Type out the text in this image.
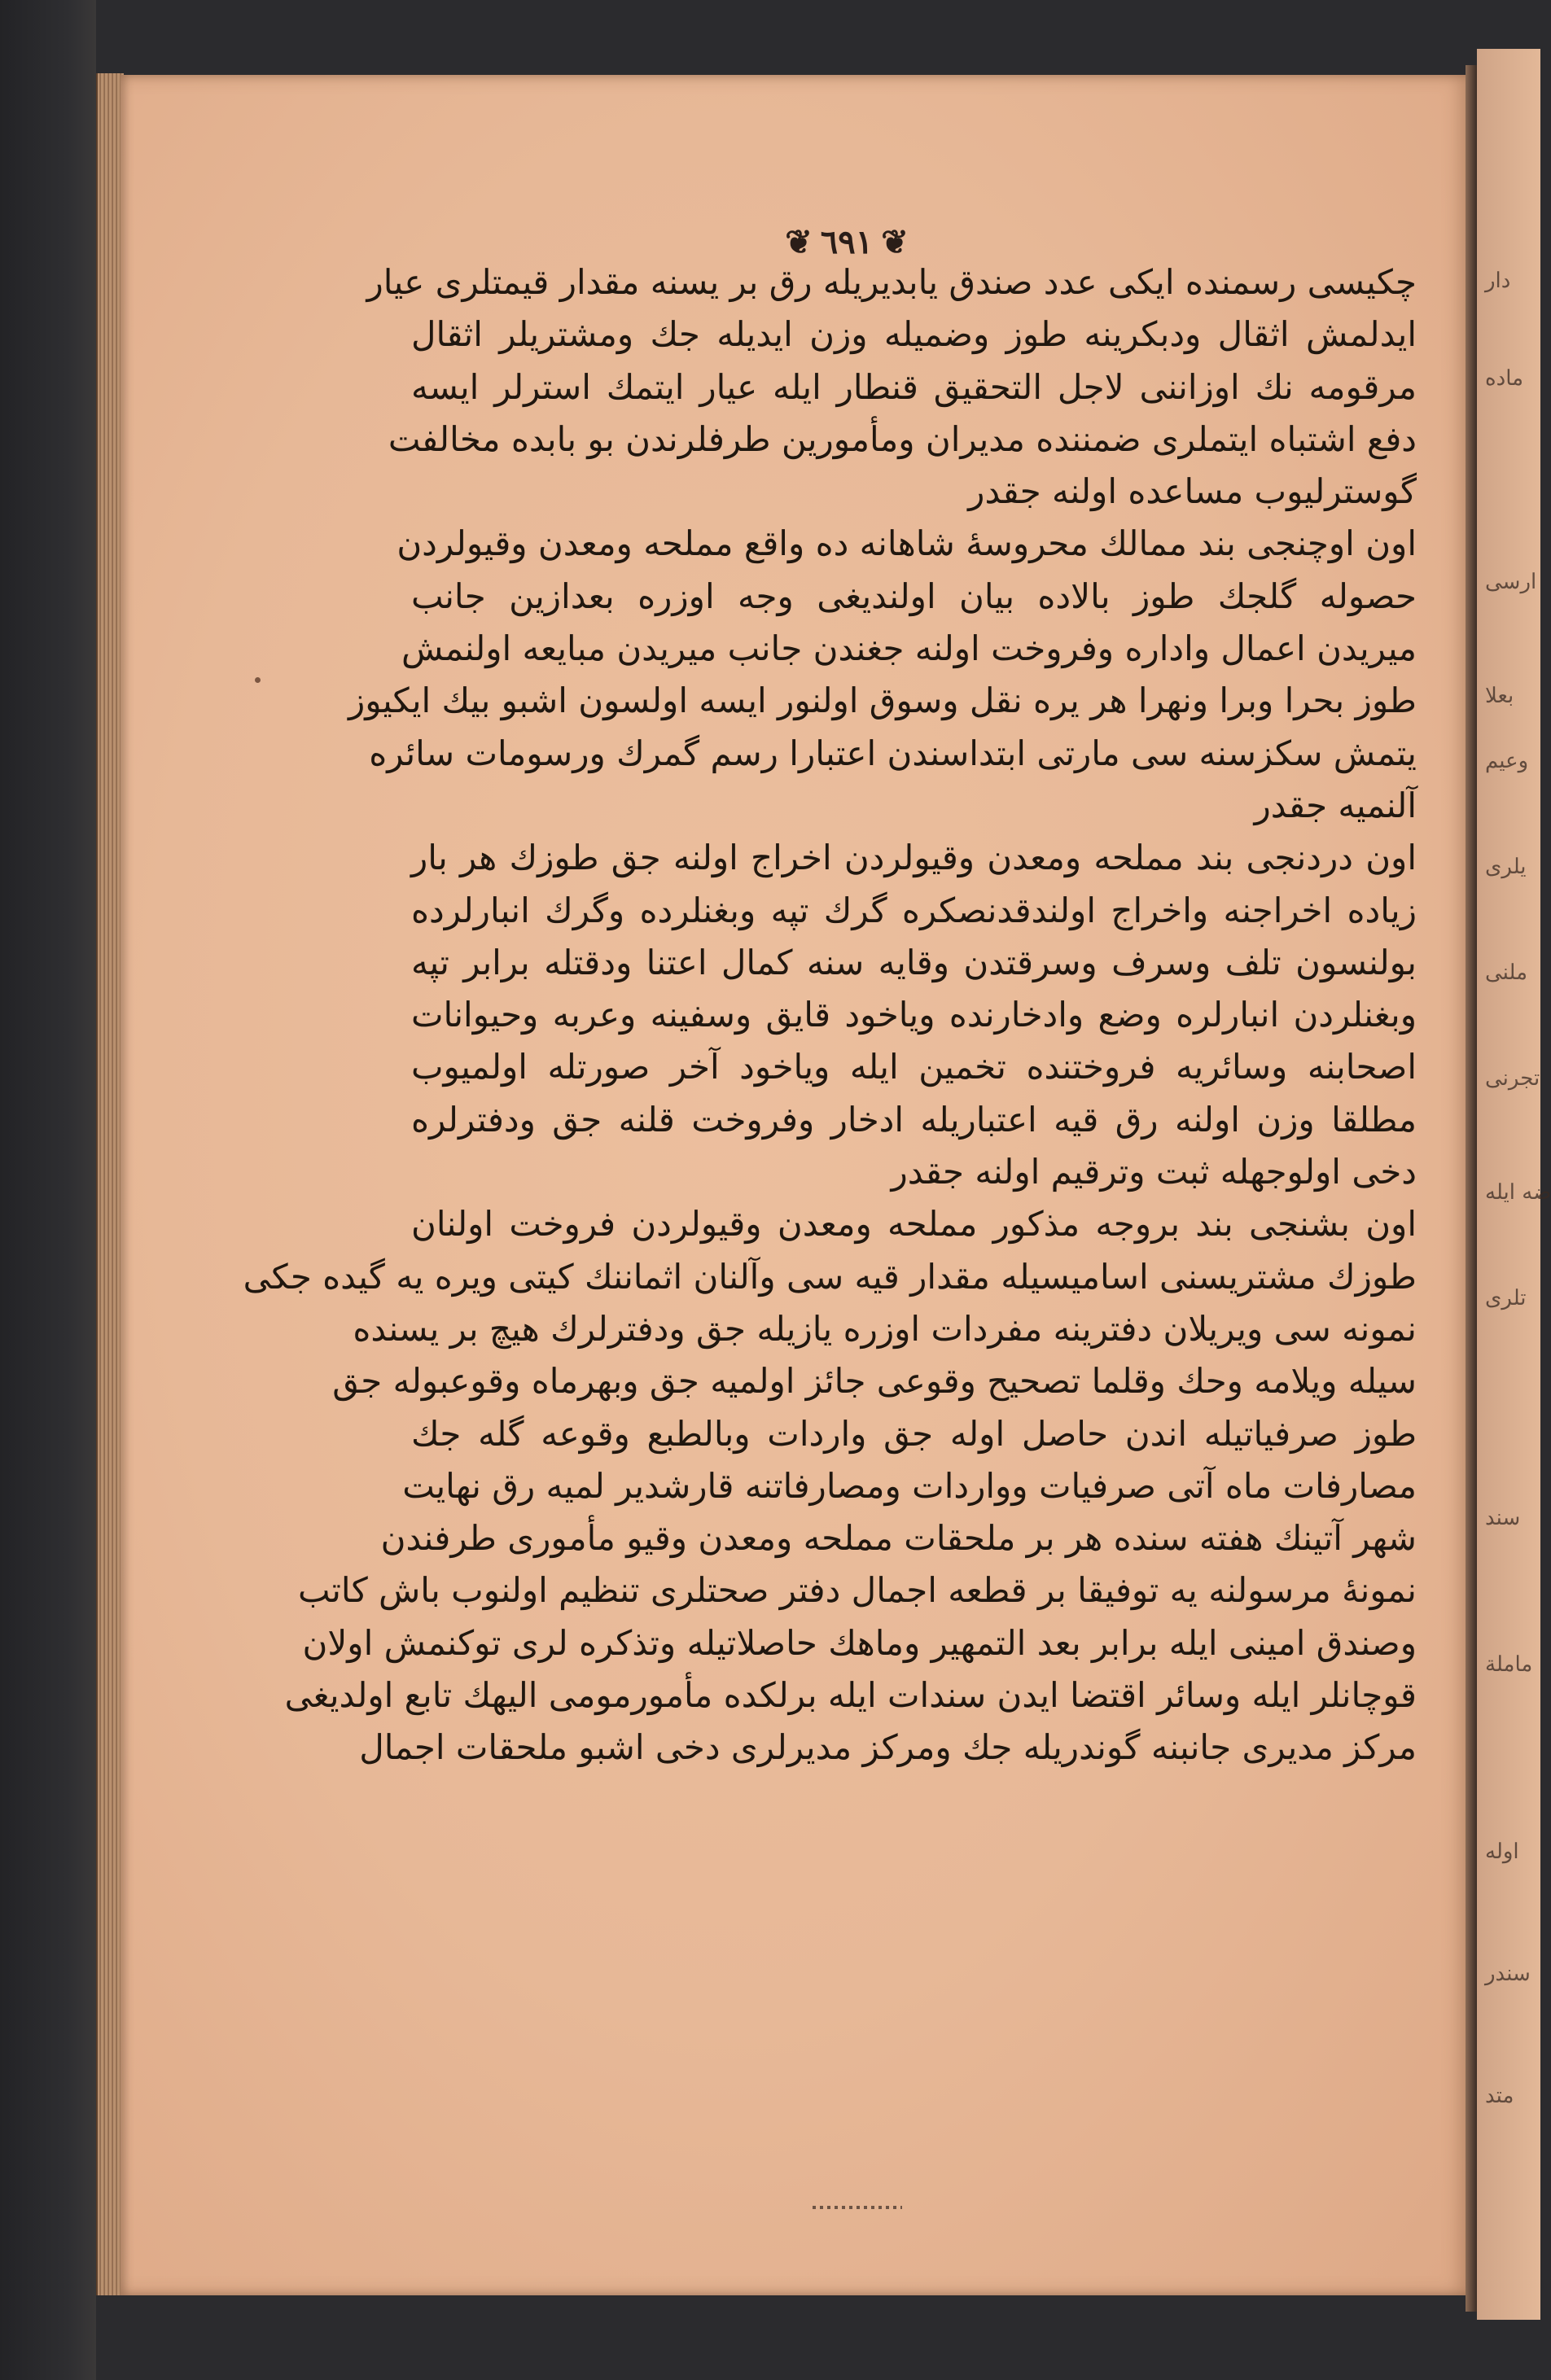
❦
٦٩١
❦
چكيسى رسمنده ايكى عدد صندق يابديريله رق بر يسنه مقدار قيمتلرى عيار
ايدلمش اثقال ودبكرينه طوز وضميله وزن ايديله جك ومشتريلر اثقال
مرقومه نك اوزاننى لاجل التحقيق قنطار ايله عيار ايتمك استرلر ايسه
دفع اشتباه ايتملرى ضمننده مديران ومأمورين طرفلرندن بو بابده مخالفت
گوسترليوب مساعده اولنه جقدر
اون اوچنجى بند ممالك محروسهٔ شاهانه ده واقع مملحه ومعدن وقيولردن
حصوله گلجك طوز بالاده بيان اولنديغى وجه اوزره بعدازين جانب
ميريدن اعمال واداره وفروخت اولنه جغندن جانب ميريدن مبايعه اولنمش
طوز بحرا وبرا ونهرا هر يره نقل وسوق اولنور ايسه اولسون اشبو بيك ايكيوز
يتمش سكزسنه سى مارتى ابتداسندن اعتبارا رسم گمرك ورسومات سائره
آلنميه جقدر
اون دردنجى بند مملحه ومعدن وقيولردن اخراج اولنه جق طوزك هر بار
زياده اخراجنه واخراج اولندقدنصكره گرك تپه وبغنلرده وگرك انبارلرده
بولنسون تلف وسرف وسرقتدن وقايه سنه كمال اعتنا ودقتله برابر تپه
وبغنلردن انبارلره وضع وادخارنده وياخود قايق وسفينه وعربه وحيوانات
اصحابنه وسائريه فروختنده تخمين ايله وياخود آخر صورتله اولميوب
مطلقا وزن اولنه رق قيه اعتباريله ادخار وفروخت قلنه جق ودفترلره
دخى اولوجهله ثبت وترقيم اولنه جقدر
اون بشنجى بند بروجه مذكور مملحه ومعدن وقيولردن فروخت اولنان
طوزك مشتريسنى اساميسيله مقدار قيه سى وآلنان اثماننك كيتى ويره يه گيده جكى
نمونه سى ويريلان دفترينه مفردات اوزره يازيله جق ودفترلرك هيچ بر يسنده
سيله ويلامه وحك وقلما تصحيح وقوعى جائز اولميه جق وبهرماه وقوعبوله جق
طوز صرفياتيله اندن حاصل اوله جق واردات وبالطبع وقوعه گله جك
مصارفات ماه آتى صرفيات وواردات ومصارفاتنه قارشدير لميه رق نهايت
شهر آتينك هفته سنده هر بر ملحقات مملحه ومعدن وقيو مأمورى طرفندن
نمونهٔ مرسولنه يه توفيقا بر قطعه اجمال دفتر صحتلرى تنظيم اولنوب باش كاتب
وصندق امينى ايله برابر بعد التمهير وماهك حاصلاتيله وتذكره لرى توكنمش اولان
قوچانلر ايله وسائر اقتضا ايدن سندات ايله برلكده مأمورمومى اليهك تابع اولديغى
مركز مديرى جانبنه گوندريله جك ومركز مديرلرى دخى اشبو ملحقات اجمال
دار
ماده
ارسى
بعلا
وعيم
يلرى
ملنى
تجرنى
ضه ايله
تلرى
سند
ماملة
اوله
سندر
متد
